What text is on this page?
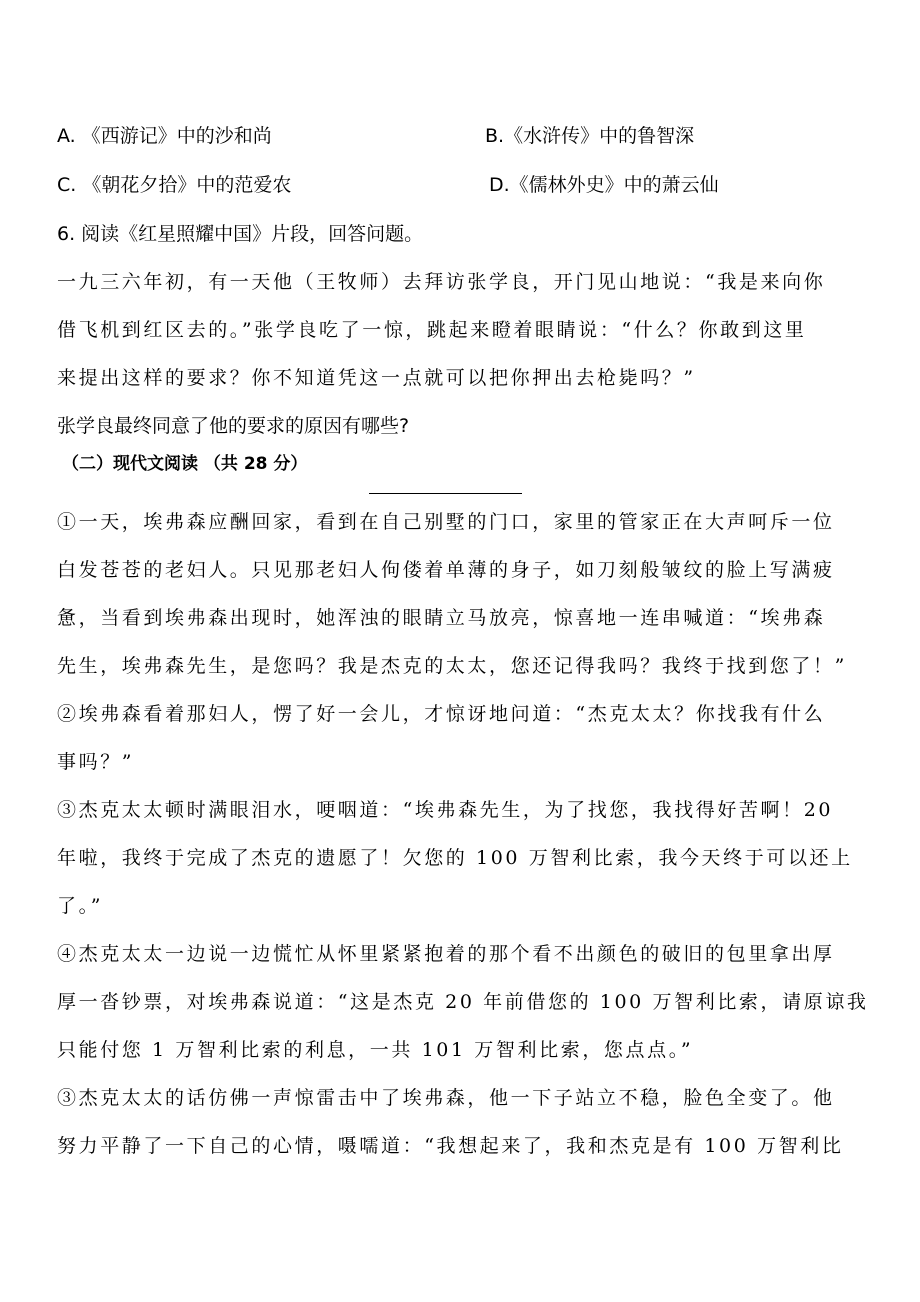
A. 《西游记》中的沙和尚	B.《水浒传》中的鲁智深
C. 《朝花夕拾》中的范爱农	D.《儒林外史》中的萧云仙
6. 阅读《红星照耀中国》片段，回答问题。
一九三六年初，有一天他（王牧师）去拜访张学良，开门见山地说：“我是来向你
借飞机到红区去的。”张学良吃了一惊，跳起来瞪着眼睛说：“什么？你敢到这里
来提出这样的要求？你不知道凭这一点就可以把你押出去枪毙吗？”
张学良最终同意了他的要求的原因有哪些?
（二）现代文阅读 （共 28 分）
①一天，埃弗森应酬回家，看到在自己别墅的门口，家里的管家正在大声呵斥一位
白发苍苍的老妇人。只见那老妇人佝偻着单薄的身子，如刀刻般皱纹的脸上写满疲
惫，当看到埃弗森出现时，她浑浊的眼睛立马放亮，惊喜地一连串喊道：“埃弗森
先生，埃弗森先生，是您吗？我是杰克的太太，您还记得我吗？我终于找到您了！”
②埃弗森看着那妇人，愣了好一会儿，才惊讶地问道：“杰克太太？你找我有什么
事吗？”
③杰克太太顿时满眼泪水，哽咽道：“埃弗森先生，为了找您，我找得好苦啊！20
年啦，我终于完成了杰克的遗愿了！欠您的 100 万智利比索，我今天终于可以还上
了。”
④杰克太太一边说一边慌忙从怀里紧紧抱着的那个看不出颜色的破旧的包里拿出厚
厚一沓钞票，对埃弗森说道：“这是杰克 20 年前借您的 100 万智利比索，请原谅我
只能付您 1 万智利比索的利息，一共 101 万智利比索，您点点。”
③杰克太太的话仿佛一声惊雷击中了埃弗森，他一下子站立不稳，脸色全变了。他
努力平静了一下自己的心情，嗫嚅道：“我想起来了，我和杰克是有 100 万智利比
